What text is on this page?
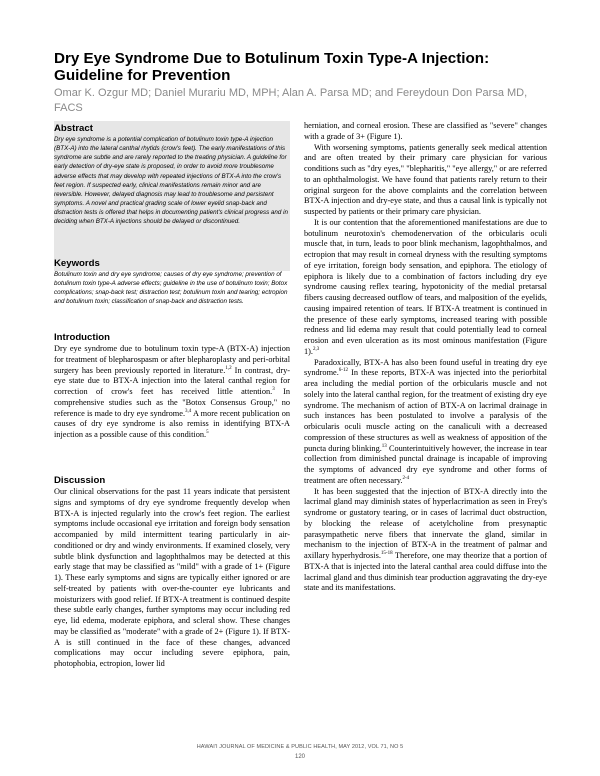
Dry Eye Syndrome Due to Botulinum Toxin Type-A Injection: Guideline for Prevention

Omar K. Ozgur MD; Daniel Murariu MD, MPH; Alan A. Parsa MD; and Fereydoun Don Parsa MD, FACS

Abstract

Dry eye syndrome is a potential complication of botulinum toxin type-A injection (BTX-A) into the lateral canthal rhytids (crow's feet). The early manifestations of this syndrome are subtle and are rarely reported to the treating physician. A guideline for early detection of dry-eye state is proposed, in order to avoid more troublesome adverse effects that may develop with repeated injections of BTX-A into the crow's feet region. If suspected early, clinical manifestations remain minor and are reversible. However, delayed diagnosis may lead to troublesome and persistent symptoms. A novel and practical grading scale of lower eyelid snap-back and distraction tests is offered that helps in documenting patient's clinical progress and in deciding when BTX-A injections should be delayed or discontinued.

Keywords

Botulinum toxin and dry eye syndrome; causes of dry eye syndrome; prevention of botulinum toxin type-A adverse effects; guideline in the use of botulinum toxin; Botox complications; snap-back test; distraction test; botulinum toxin and tearing; ectropion and botulinum toxin; classification of snap-back and distraction tests.

Introduction

Dry eye syndrome due to botulinum toxin type-A (BTX-A) injection for treatment of blepharospasm or after blepharoplasty and peri-orbital surgery has been previously reported in literature.$^{1,2}$ In contrast, dry-eye state due to BTX-A injection into the lateral canthal region for correction of crow's feet has received little attention.$^3$ In comprehensive studies such as the "Botox Consensus Group," no reference is made to dry eye syndrome.$^{3,4}$ A more recent publication on causes of dry eye syndrome is also remiss in identifying BTX-A injection as a possible cause of this condition.$^5$

Discussion

Our clinical observations for the past 11 years indicate that persistent signs and symptoms of dry eye syndrome frequently develop when BTX-A is injected regularly into the crow's feet region. The earliest symptoms include occasional eye irritation and foreign body sensation accompanied by mild intermittent tearing particularly in air-conditioned or dry and windy environments. If examined closely, very subtle blink dysfunction and lagophthalmos may be detected at this early stage that may be classified as "mild" with a grade of 1+ (Figure 1). These early symptoms and signs are typically either ignored or are self-treated by patients with over-the-counter eye lubricants and moisturizers with good relief. If BTX-A treatment is continued despite these subtle early changes, further symptoms may occur including red eye, lid edema, moderate epiphora, and scleral show. These changes may be classified as "moderate" with a grade of 2+ (Figure 1). If BTX-A is still continued in the face of these changes, advanced complications may occur including severe epiphora, pain, photophobia, ectropion, lower lid

herniation, and corneal erosion. These are classified as "severe" changes with a grade of 3+ (Figure 1).

With worsening symptoms, patients generally seek medical attention and are often treated by their primary care physician for various conditions such as "dry eyes," "blepharitis," "eye allergy," or are referred to an ophthalmologist. We have found that patients rarely return to their original surgeon for the above complaints and the correlation between BTX-A injection and dry-eye state, and thus a causal link is typically not suspected by patients or their primary care physician.

It is our contention that the aforementioned manifestations are due to botulinum neurotoxin's chemodenervation of the orbicularis oculi muscle that, in turn, leads to poor blink mechanism, lagophthalmos, and ectropion that may result in corneal dryness with the resulting symptoms of eye irritation, foreign body sensation, and epiphora. The etiology of epiphora is likely due to a combination of factors including dry eye syndrome causing reflex tearing, hypotonicity of the medial pretarsal fibers causing decreased outflow of tears, and malposition of the eyelids, causing impaired retention of tears. If BTX-A treatment is continued in the presence of these early symptoms, increased tearing with possible redness and lid edema may result that could potentially lead to corneal erosion and even ulceration as its most ominous manifestation (Figure 1).$^{2,3}$

Paradoxically, BTX-A has also been found useful in treating dry eye syndrome.$^{6-12}$ In these reports, BTX-A was injected into the periorbital area including the medial portion of the orbicularis muscle and not solely into the lateral canthal region, for the treatment of existing dry eye syndrome. The mechanism of action of BTX-A on lacrimal drainage in such instances has been postulated to involve a paralysis of the orbicularis oculi muscle acting on the canaliculi with a decreased compression of these structures as well as weakness of apposition of the puncta during blinking.$^{13}$ Counterintuitively however, the increase in tear collection from diminished punctal drainage is incapable of improving the symptoms of advanced dry eye syndrome and other forms of treatment are often necessary.$^{2-4}$

It has been suggested that the injection of BTX-A directly into the lacrimal gland may diminish states of hyperlacrimation as seen in Frey's syndrome or gustatory tearing, or in cases of lacrimal duct obstruction, by blocking the release of acetylcholine from presynaptic parasympathetic nerve fibers that innervate the gland, similar in mechanism to the injection of BTX-A in the treatment of palmar and axillary hyperhydrosis.$^{15-18}$ Therefore, one may theorize that a portion of BTX-A that is injected into the lateral canthal area could diffuse into the lacrimal gland and thus diminish tear production aggravating the dry-eye state and its manifestations.

HAWAI'I JOURNAL OF MEDICINE & PUBLIC HEALTH, MAY 2012, VOL 71, NO 5

120
